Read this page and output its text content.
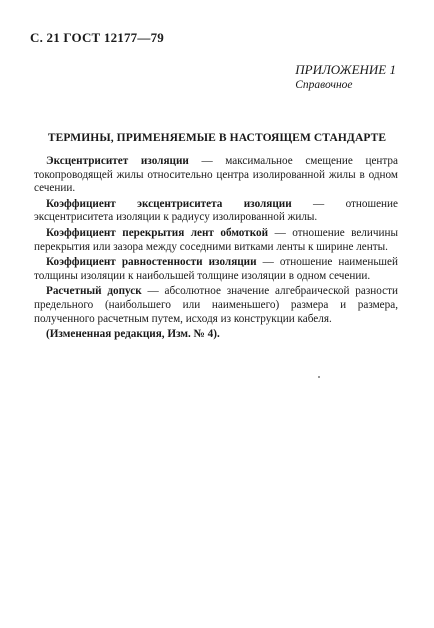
С. 21 ГОСТ 12177—79
ПРИЛОЖЕНИЕ 1
Справочное
ТЕРМИНЫ, ПРИМЕНЯЕМЫЕ В НАСТОЯЩЕМ СТАНДАРТЕ

Эксцентриситет изоляции — максимальное смещение центра токопроводящей жилы относительно центра изолированной жилы в одном сечении.

Коэффициент эксцентриситета изоляции — отношение эксцентриситета изоляции к радиусу изолированной жилы.

Коэффициент перекрытия лент обмоткой — отношение величины перекрытия или зазора между соседними витками ленты к ширине ленты.

Коэффициент равностенности изоляции — отношение наименьшей толщины изоляции к наибольшей толщине изоляции в одном сечении.

Расчетный допуск — абсолютное значение алгебраической разности предельного (наибольшего или наименьшего) размера и размера, полученного расчетным путем, исходя из конструкции кабеля.

(Измененная редакция, Изм. № 4).
